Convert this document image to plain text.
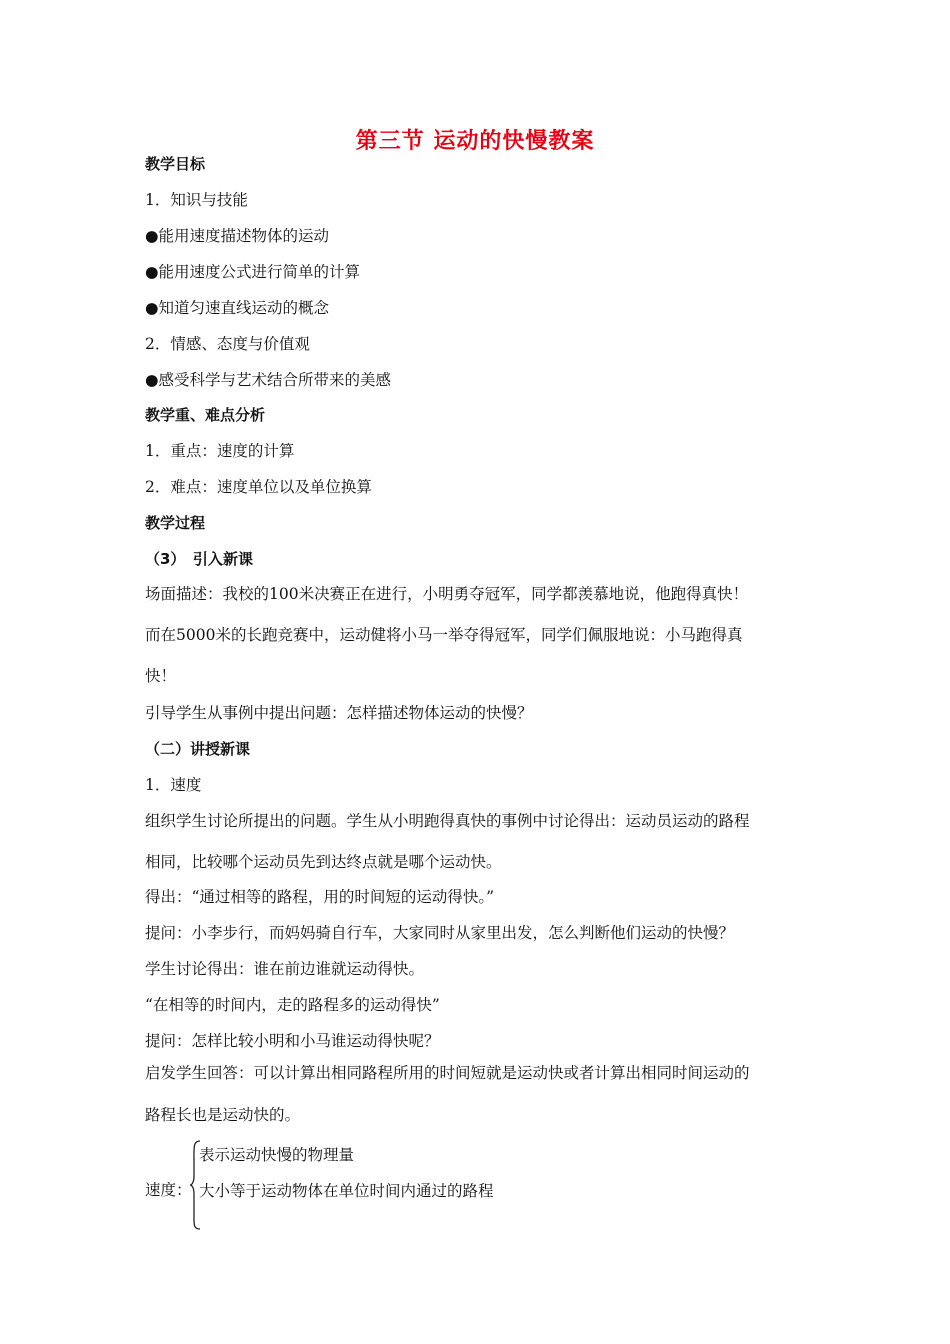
第三节 运动的快慢教案
教学目标
1．知识与技能
●能用速度描述物体的运动
●能用速度公式进行简单的计算
●知道匀速直线运动的概念
2．情感、态度与价值观
●感受科学与艺术结合所带来的美感
教学重、难点分析
1．重点：速度的计算
2．难点：速度单位以及单位换算
教学过程
（3）　引入新课
场面描述：我校的100米决赛正在进行，小明勇夺冠军，同学都羡慕地说，他跑得真快！
而在5000米的长跑竞赛中，运动健将小马一举夺得冠军，同学们佩服地说：小马跑得真
快！
引导学生从事例中提出问题：怎样描述物体运动的快慢？
（二）讲授新课
1．速度
组织学生讨论所提出的问题。学生从小明跑得真快的事例中讨论得出：运动员运动的路程
相同，比较哪个运动员先到达终点就是哪个运动快。
得出：“通过相等的路程，用的时间短的运动得快。”
提问：小李步行，而妈妈骑自行车，大家同时从家里出发，怎么判断他们运动的快慢？
学生讨论得出：谁在前边谁就运动得快。
“在相等的时间内，走的路程多的运动得快”
提问：怎样比较小明和小马谁运动得快呢？
启发学生回答：可以计算出相同路程所用的时间短就是运动快或者计算出相同时间运动的
路程长也是运动快的。
速度：
表示运动快慢的物理量
大小等于运动物体在单位时间内通过的路程
